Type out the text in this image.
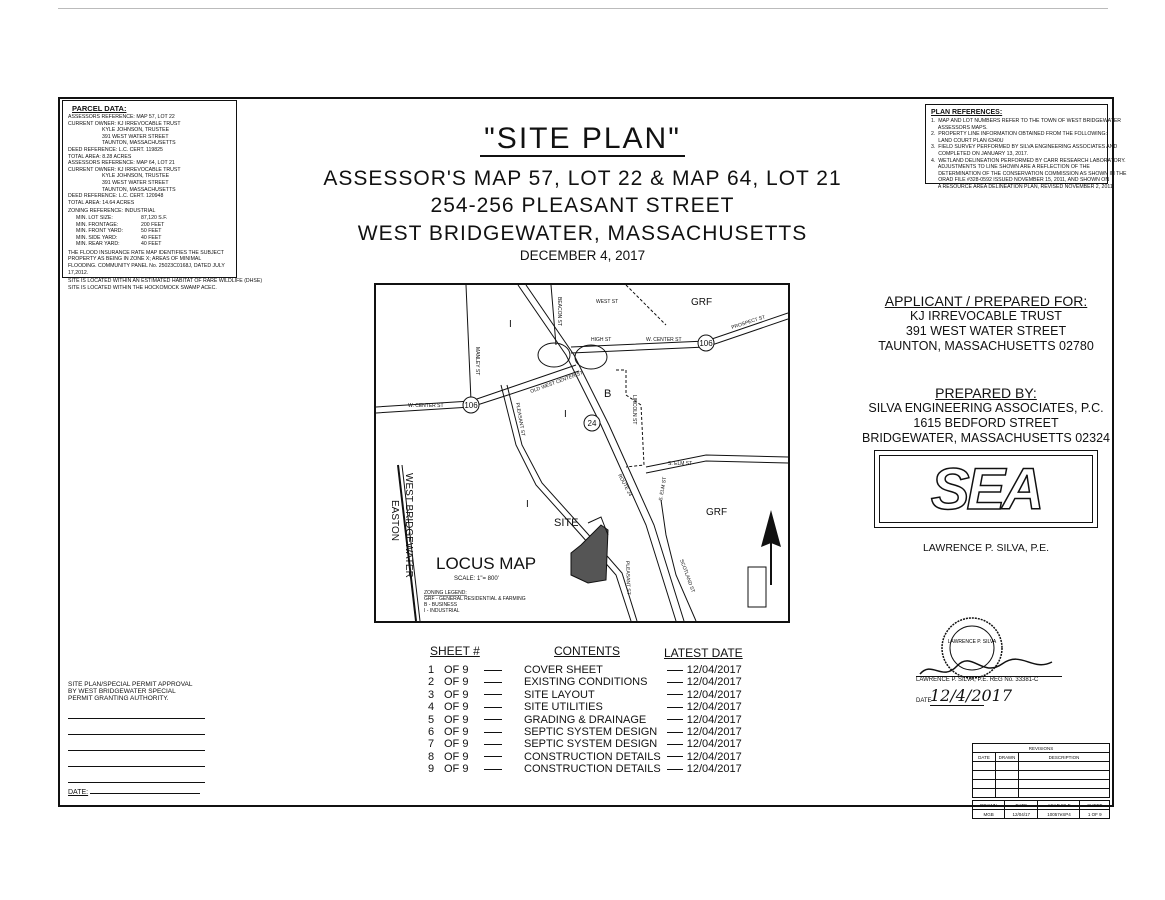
PARCEL DATA:
ASSESSORS REFERENCE: MAP 57, LOT 22
CURRENT OWNER: KJ IRREVOCABLE TRUST
KYLE JOHNSON, TRUSTEE
391 WEST WATER STREET
TAUNTON, MASSACHUSETTS
DEED REFERENCE: L.C. CERT. 119825
TOTAL AREA: 8.28 ACRES
ASSESSORS REFERENCE: MAP 64, LOT 21
CURRENT OWNER: KJ IRREVOCABLE TRUST
KYLE JOHNSON, TRUSTEE
391 WEST WATER STREET
TAUNTON, MASSACHUSETTS
DEED REFERENCE: L.C. CERT. 120948
TOTAL AREA: 14.64 ACRES
ZONING REFERENCE: INDUSTRIAL
MIN. LOT SIZE:	87,120 S.F.
MIN. FRONTAGE:	200 FEET
MIN. FRONT YARD:	50 FEET
MIN. SIDE YARD:	40 FEET
MIN. REAR YARD:	40 FEET
THE FLOOD INSURANCE RATE MAP IDENTIFIES THE SUBJECT
PROPERTY AS BEING IN ZONE X; AREAS OF MINIMAL
FLOODING. COMMUNITY PANEL No. 25023C0168J, DATED JULY
17,2012.
SITE IS LOCATED WITHIN AN ESTIMATED HABITAT OF RARE WILDLIFE (DHSE)
SITE IS LOCATED WITHIN THE HOCKOMOCK SWAMP ACEC.
PLAN REFERENCES:
1.  MAP AND LOT NUMBERS REFER TO THE TOWN OF WEST BRIDGEWATER
ASSESSORS MAPS.
2.  PROPERTY LINE INFORMATION OBTAINED FROM THE FOLLOWING:
LAND COURT PLAN 6340U
3.  FIELD SURVEY PERFORMED BY SILVA ENGINEERING ASSOCIATES AND
COMPLETED ON JANUARY 13, 2017.
4.  WETLAND DELINEATION PERFORMED BY CARR RESEARCH LABORATORY.
ADJUSTMENTS TO LINE SHOWN ARE A REFLECTION OF THE
DETERMINATION OF THE CONSERVATION COMMISSION AS SHOWN IN THE
ORAD FILE #328-0592 ISSUED NOVEMBER 15, 2011, AND SHOWN ON
A RESOURCE AREA DELINEATION PLAN, REVISED NOVEMBER 2, 2011.
"SITE PLAN"
ASSESSOR'S MAP 57, LOT 22 & MAP 64, LOT 21
254-256 PLEASANT STREET
WEST BRIDGEWATER, MASSACHUSETTS
DECEMBER 4, 2017
106
106
24
GRF
GRF
B
I
I
I
SITE
W. CENTER ST
W. CENTER ST
WEST ST
HIGH ST
PROSPECT ST
BEACON ST
MANLEY ST
PLEASANT ST
PLEASANT ST
OLD WEST CENTER ST
LINCOLN ST
S. ELM ST
S. ELM ST
ROUTE 24
SCOTLAND ST
WEST BRIDGEWATER
EASTON
LOCUS MAP
SCALE: 1"= 800'
ZONING LEGEND:
GRF - GENERAL RESIDENTIAL & FARMING
B - BUSINESS
I - INDUSTRIAL
APPLICANT / PREPARED FOR:
KJ IRREVOCABLE TRUST
391 WEST WATER STREET
TAUNTON, MASSACHUSETTS 02780
PREPARED BY:
SILVA ENGINEERING ASSOCIATES, P.C.
1615 BEDFORD STREET
BRIDGEWATER, MASSACHUSETTS 02324
SEA
LAWRENCE P. SILVA, P.E.
SHEET #	CONTENTS	LATEST DATE
1	OF 9		COVER SHEET		12/04/2017
2	OF 9		EXISTING CONDITIONS		12/04/2017
3	OF 9		SITE LAYOUT		12/04/2017
4	OF 9		SITE UTILITIES		12/04/2017
5	OF 9		GRADING & DRAINAGE		12/04/2017
6	OF 9		SEPTIC SYSTEM DESIGN		12/04/2017
7	OF 9		SEPTIC SYSTEM DESIGN		12/04/2017
8	OF 9		CONSTRUCTION DETAILS		12/04/2017
9	OF 9		CONSTRUCTION DETAILS		12/04/2017
SITE PLAN/SPECIAL PERMIT APPROVAL
BY WEST BRIDGEWATER SPECIAL
PERMIT GRANTING AUTHORITY.
DATE:
LAWRENCE P. SILVA
LAWRENCE P. SILVA, P.E. REG No. 33381-C
DATE
12/4/2017
REVISIONS		
DATE	DRAWN	DESCRIPTION

DRAWN	DATE	ACAD FILE	SHEET
MGB	12/04/17	10057eSP4	1 OF 9
